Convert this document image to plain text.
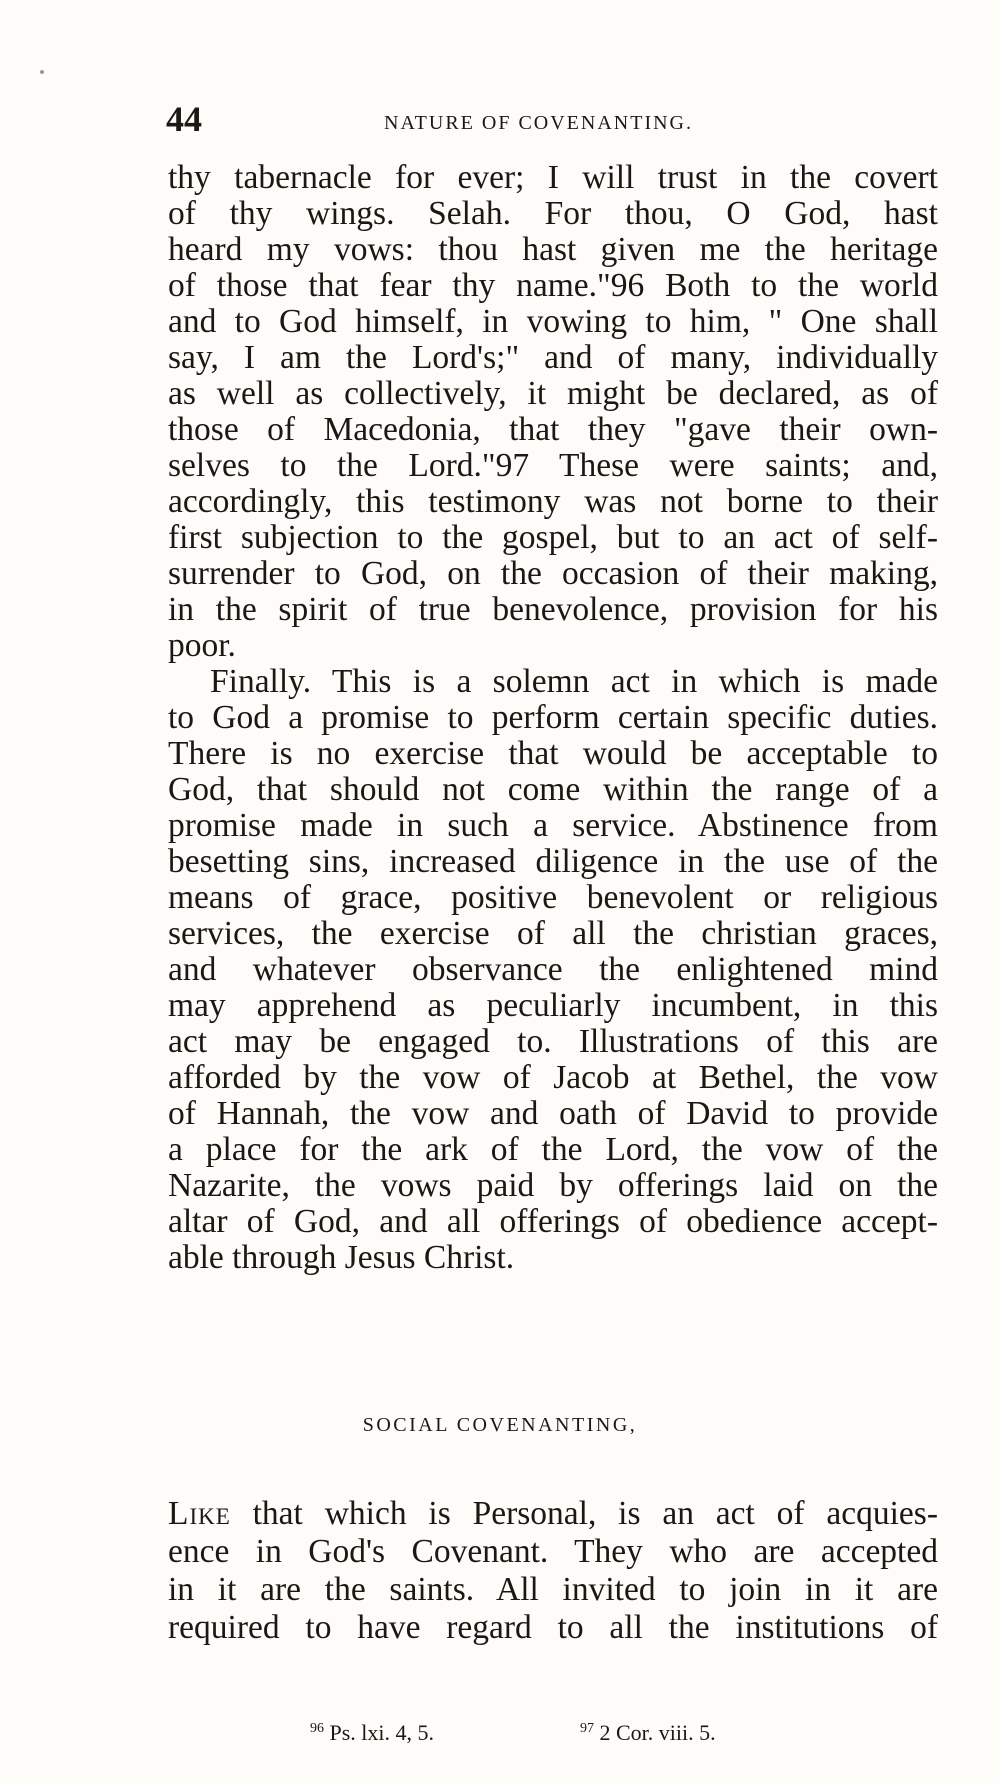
44	NATURE OF COVENANTING.
thy tabernacle for ever; I will trust in the covert
of thy wings. Selah. For thou, O God, hast
heard my vows: thou hast given me the heritage
of those that fear thy name."96 Both to the world
and to God himself, in vowing to him, " One shall
say, I am the Lord's;" and of many, individually
as well as collectively, it might be declared, as of
those of Macedonia, that they "gave their own-
selves to the Lord."97 These were saints; and,
accordingly, this testimony was not borne to their
first subjection to the gospel, but to an act of self-
surrender to God, on the occasion of their making,
in the spirit of true benevolence, provision for his
poor.
Finally. This is a solemn act in which is made
to God a promise to perform certain specific duties.
There is no exercise that would be acceptable to
God, that should not come within the range of a
promise made in such a service. Abstinence from
besetting sins, increased diligence in the use of the
means of grace, positive benevolent or religious
services, the exercise of all the christian graces,
and whatever observance the enlightened mind
may apprehend as peculiarly incumbent, in this
act may be engaged to. Illustrations of this are
afforded by the vow of Jacob at Bethel, the vow
of Hannah, the vow and oath of David to provide
a place for the ark of the Lord, the vow of the
Nazarite, the vows paid by offerings laid on the
altar of God, and all offerings of obedience accept-
able through Jesus Christ.
SOCIAL COVENANTING,
Like that which is Personal, is an act of acquies-
ence in God's Covenant. They who are accepted
in it are the saints. All invited to join in it are
required to have regard to all the institutions of
$^{96}$ Ps. lxi. 4, 5.	$^{97}$ 2 Cor. viii. 5.
